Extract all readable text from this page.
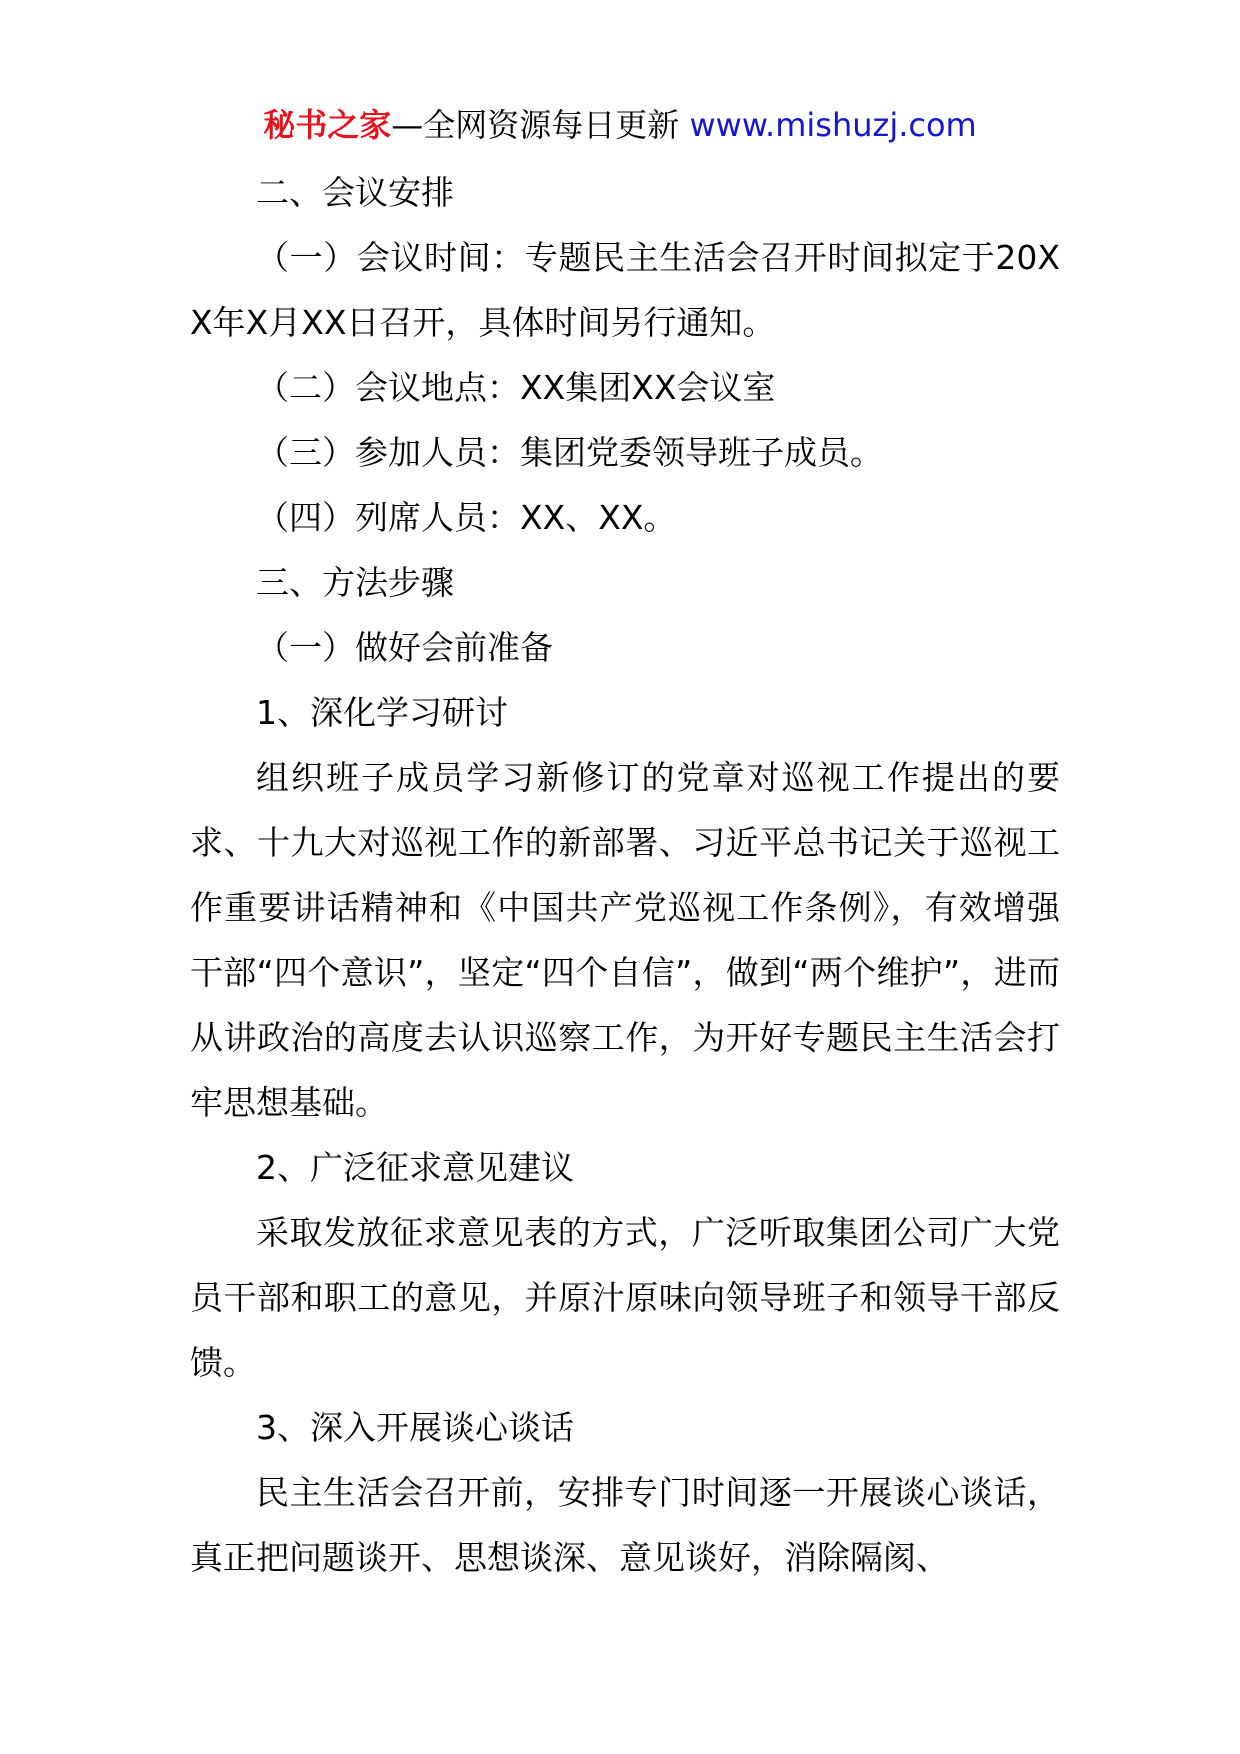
秘书之家—全网资源每日更新 www.mishuzj.com

二、会议安排

（一）会议时间：专题民主生活会召开时间拟定于20XX年X月XX日召开，具体时间另行通知。

（二）会议地点：XX集团XX会议室

（三）参加人员：集团党委领导班子成员。

（四）列席人员：XX、XX。

三、方法步骤

（一）做好会前准备

1、深化学习研讨

组织班子成员学习新修订的党章对巡视工作提出的要求、十九大对巡视工作的新部署、习近平总书记关于巡视工作重要讲话精神和《中国共产党巡视工作条例》，有效增强干部“四个意识”，坚定“四个自信”，做到“两个维护”，进而从讲政治的高度去认识巡察工作，为开好专题民主生活会打牢思想基础。

2、广泛征求意见建议

采取发放征求意见表的方式，广泛听取集团公司广大党员干部和职工的意见，并原汁原味向领导班子和领导干部反馈。

3、深入开展谈心谈话

民主生活会召开前，安排专门时间逐一开展谈心谈话，真正把问题谈开、思想谈深、意见谈好，消除隔阂、
